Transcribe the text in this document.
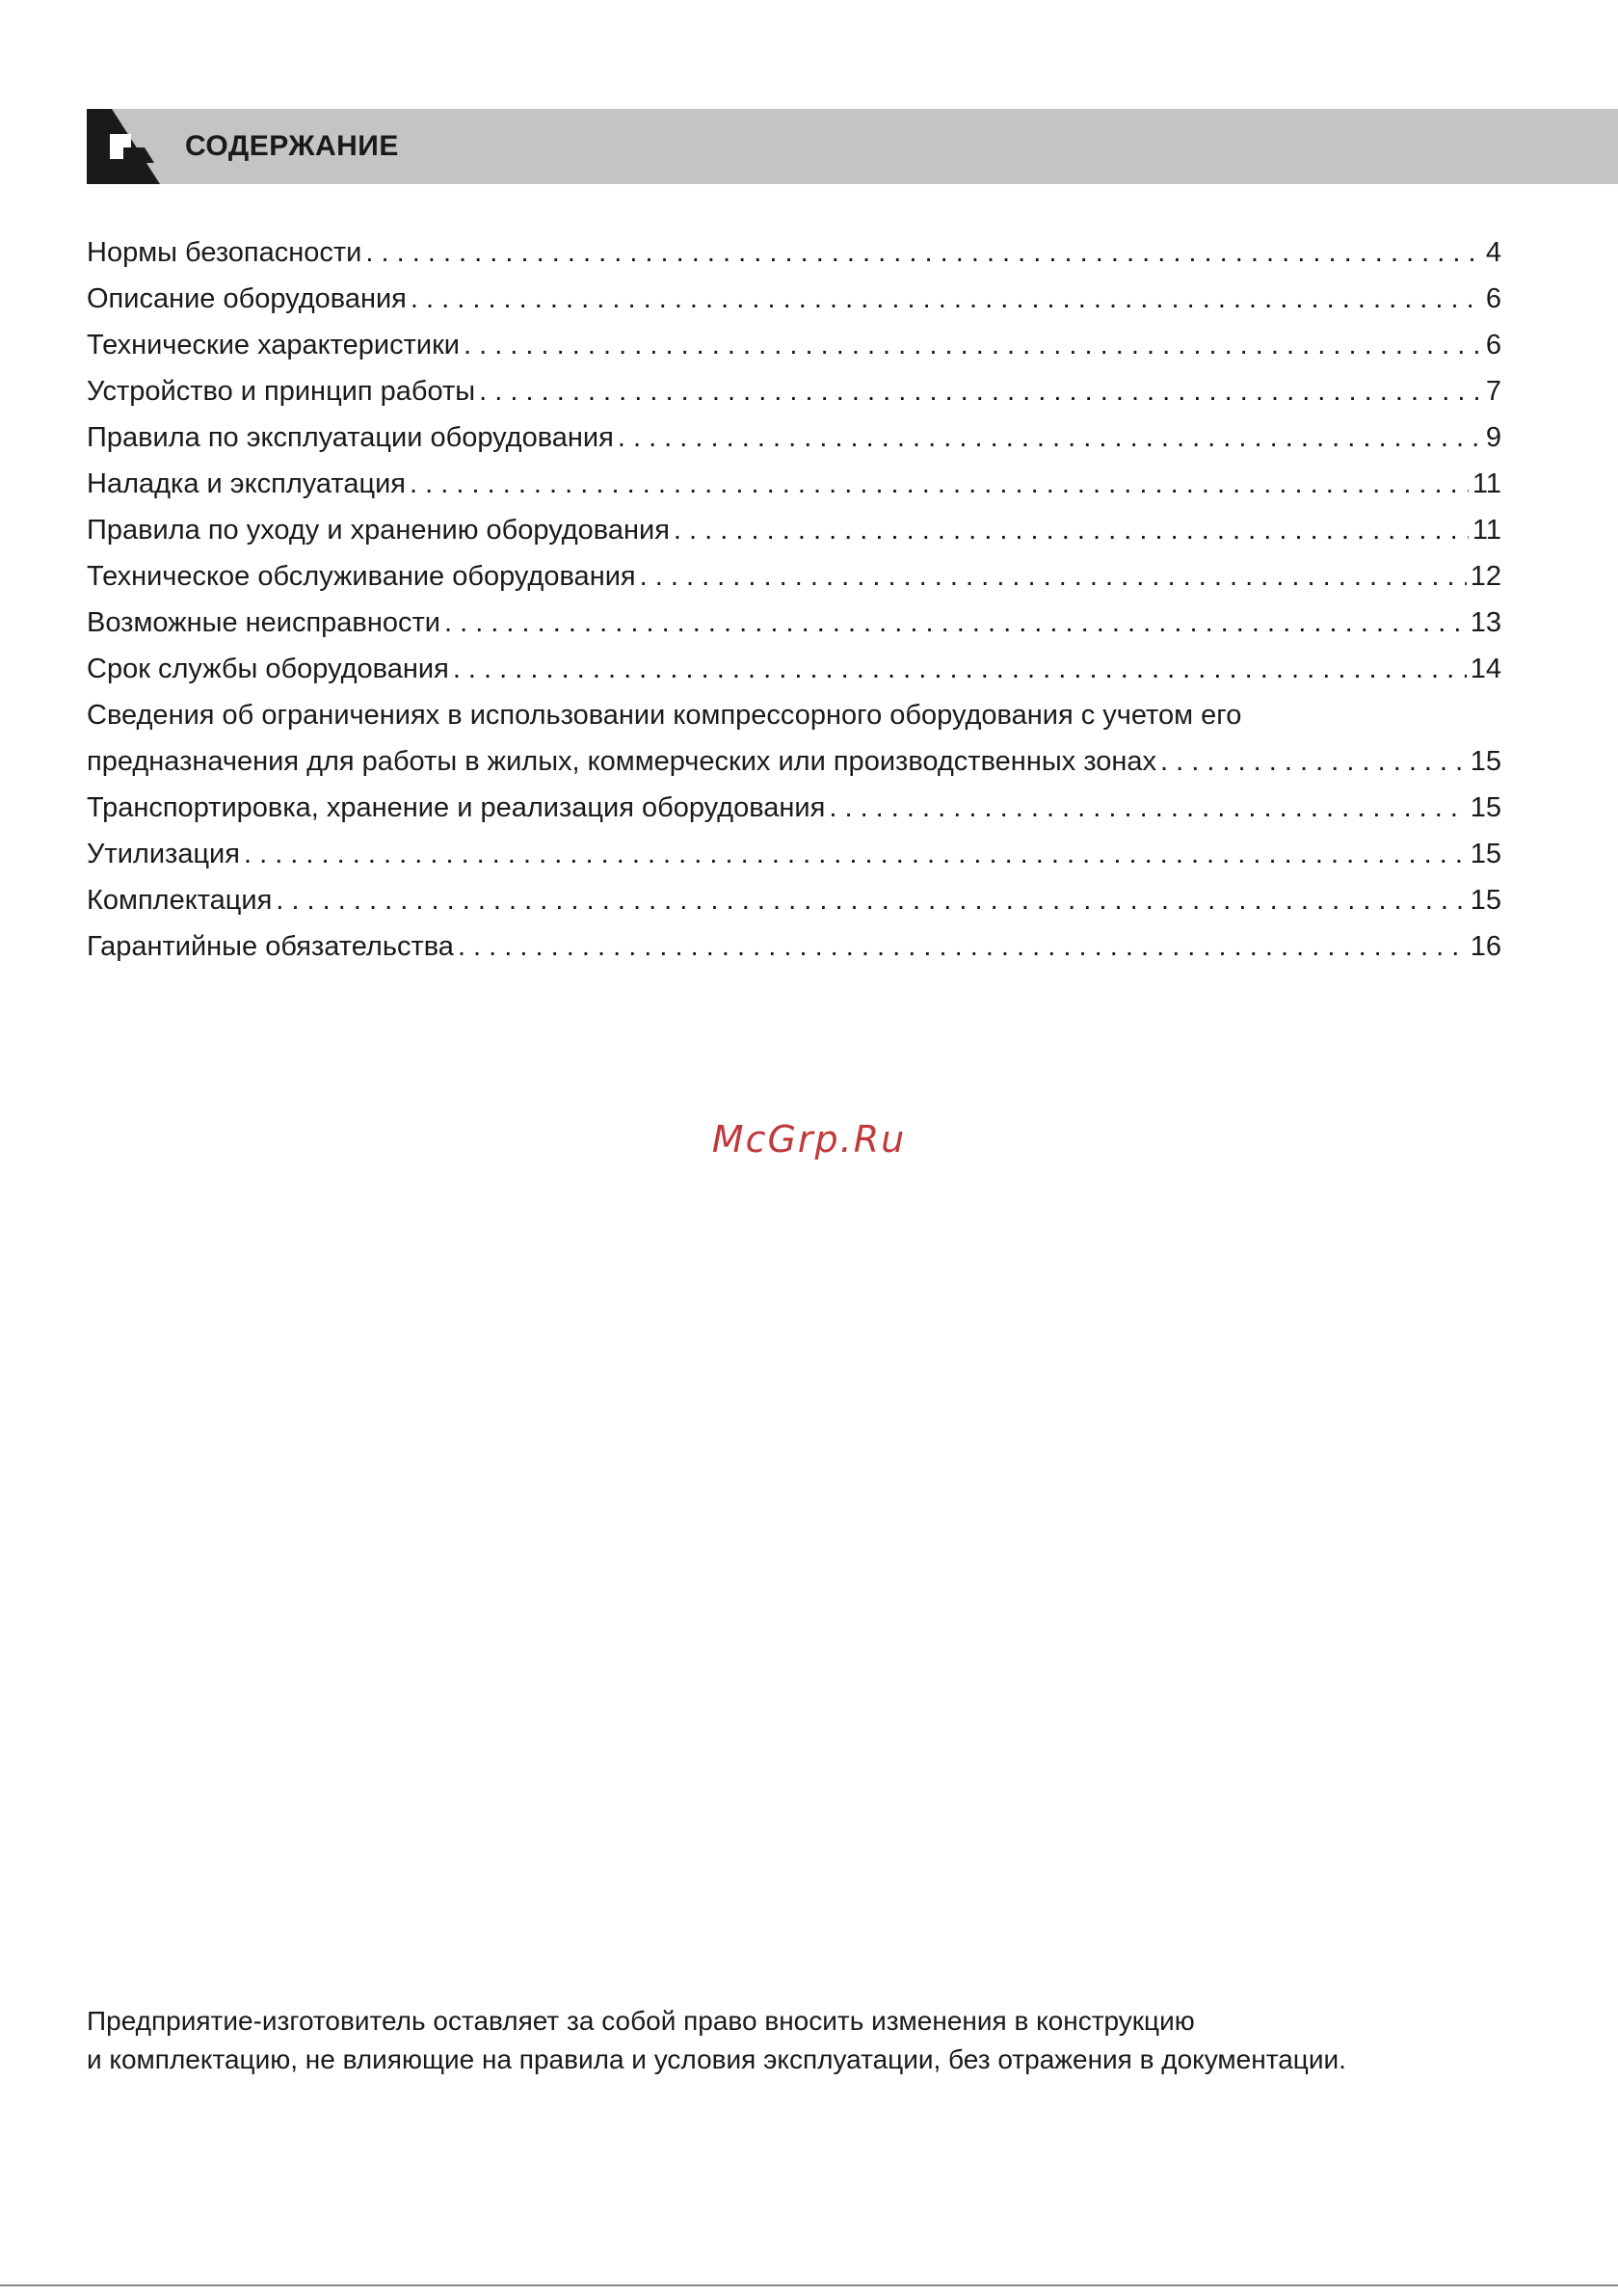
СОДЕРЖАНИЕ
Нормы безопасности . . .	4
Описание оборудования . . .	6
Технические характеристики . . .	6
Устройство и принцип работы . . .	7
Правила по эксплуатации оборудования . . .	9
Наладка и эксплуатация . . .	11
Правила по уходу и хранению оборудования . . .	11
Техническое обслуживание оборудования . . .	12
Возможные неисправности . . .	13
Срок службы оборудования . . .	14
Сведения об ограничениях в использовании компрессорного оборудования с учетом его
предназначения для работы в жилых, коммерческих или производственных зонах . . .	15
Транспортировка, хранение и реализация оборудования . . .	15
Утилизация . . .	15
Комплектация . . .	15
Гарантийные обязательства . . .	16
McGrp.Ru
Предприятие-изготовитель оставляет за собой право вносить изменения в конструкцию
и комплектацию, не влияющие на правила и условия эксплуатации, без отражения в документации.
